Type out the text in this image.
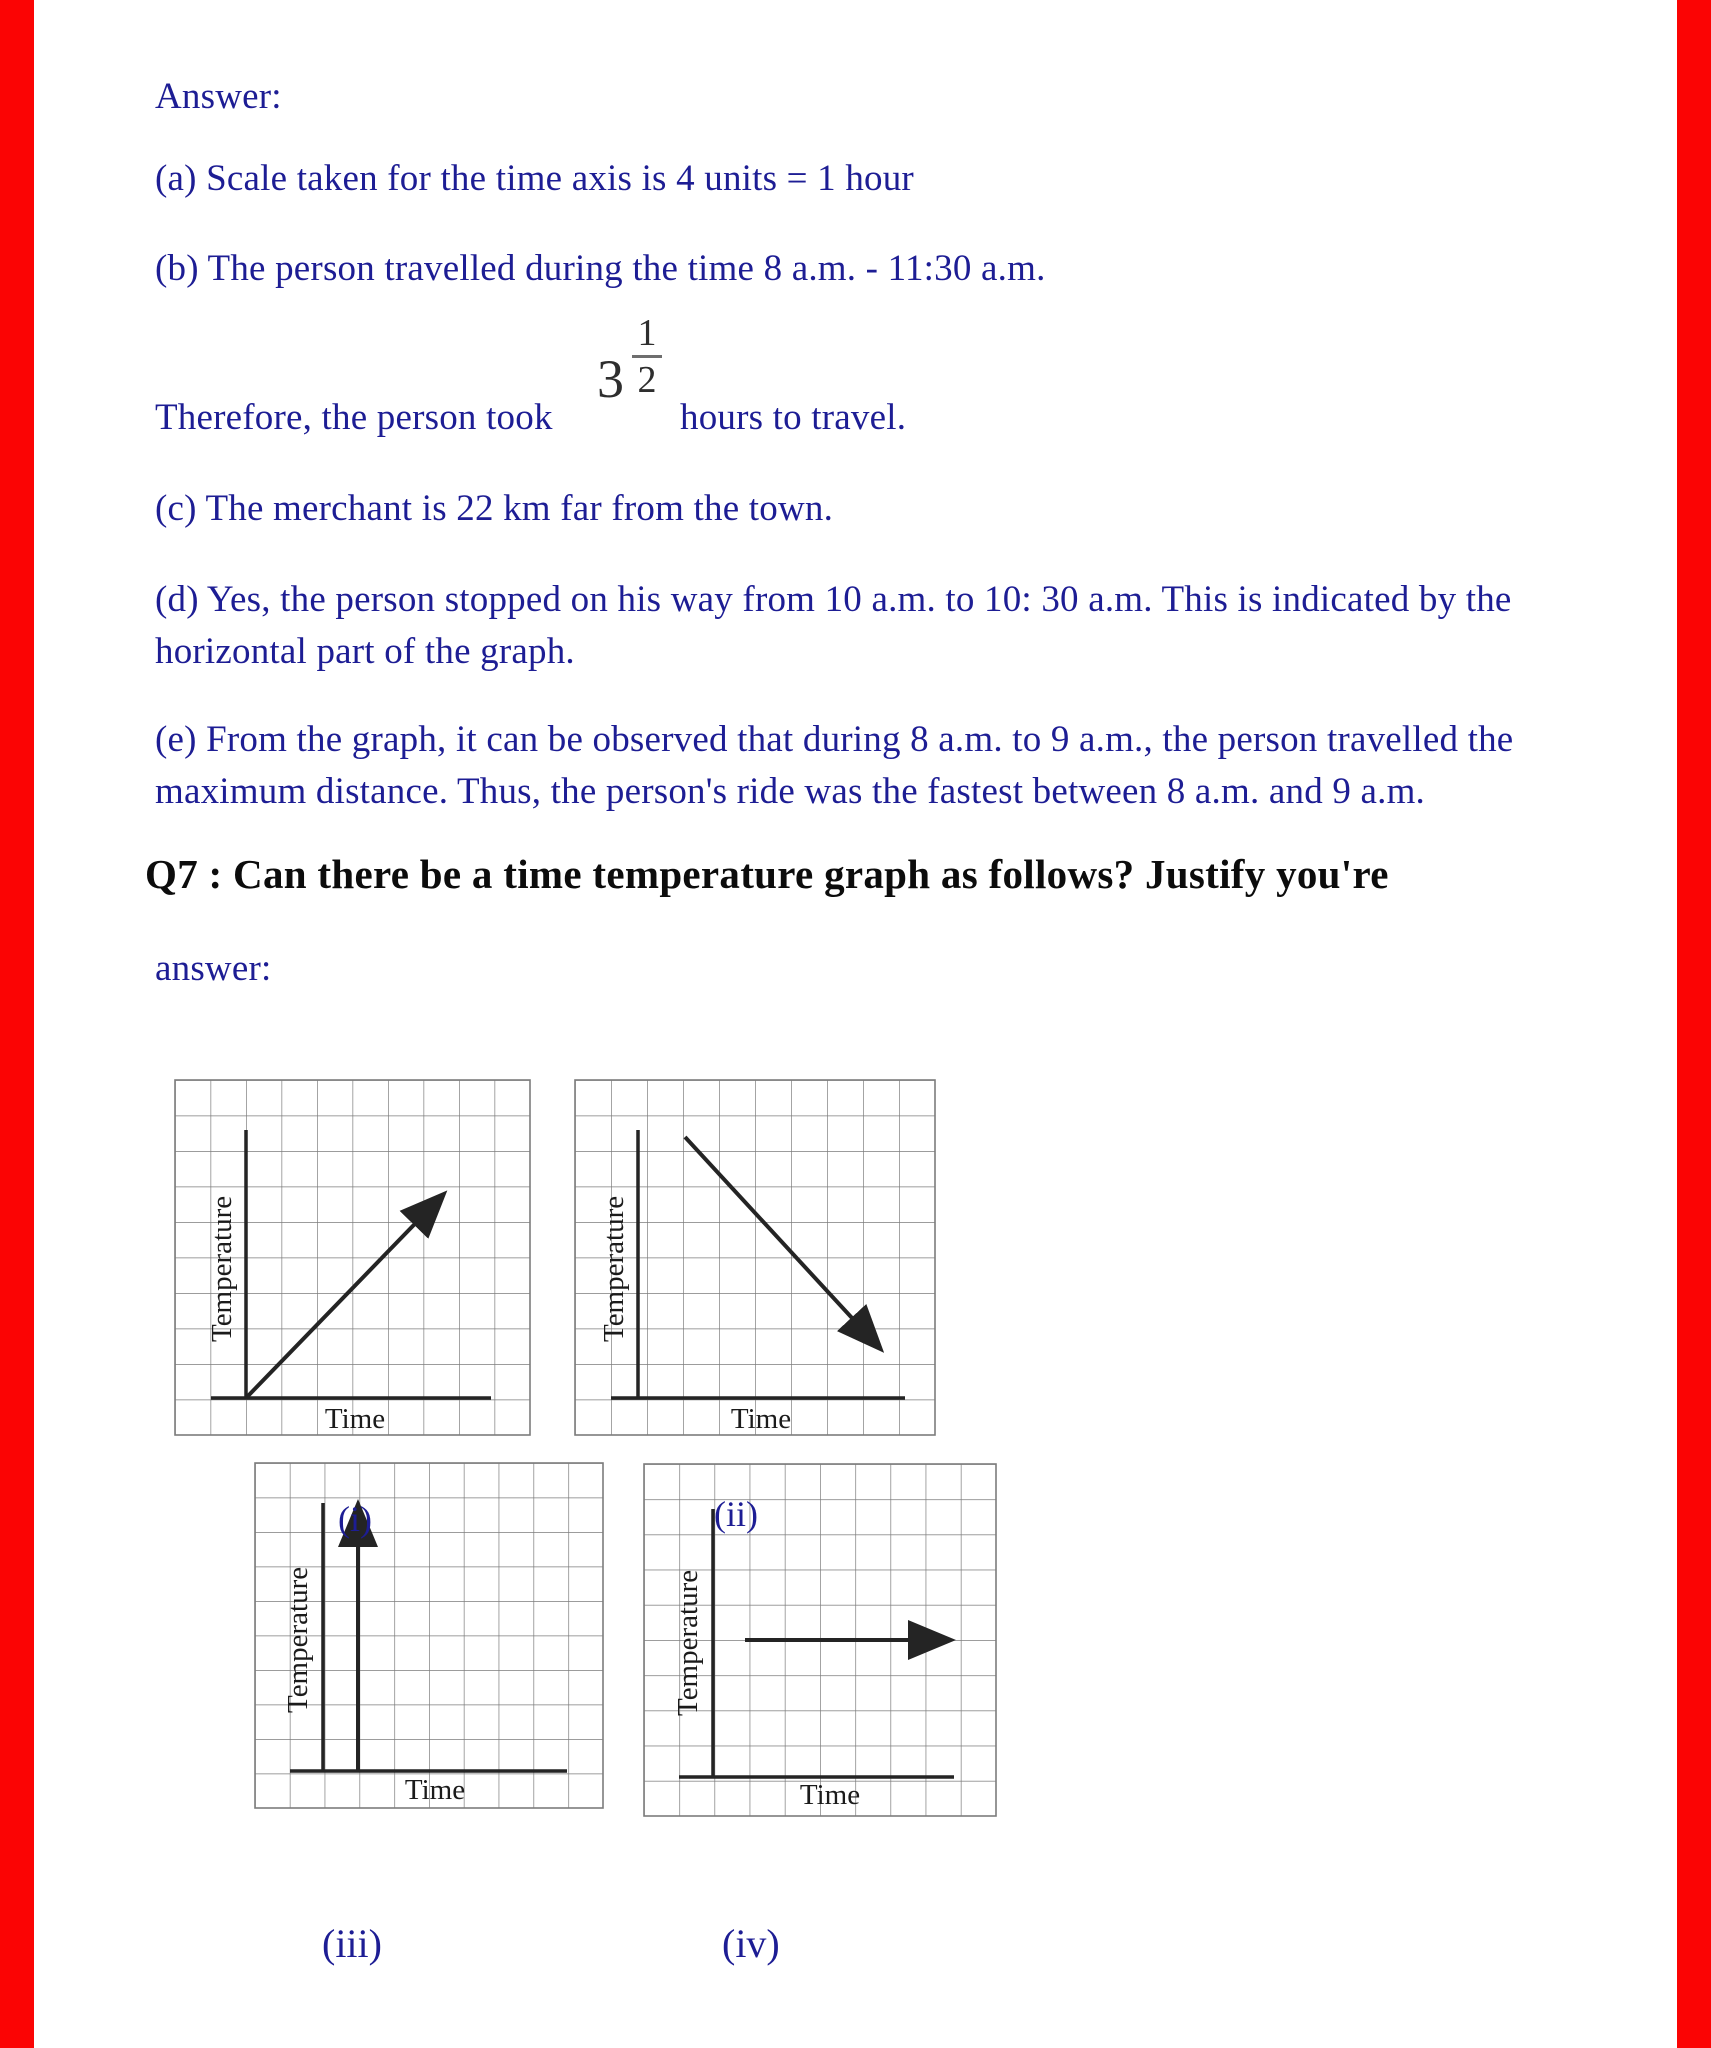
Answer:
(a) Scale taken for the time axis is 4 units = 1 hour
(b) The person travelled during the time 8 a.m. - 11:30 a.m.
3
1
2
Therefore, the person took	hours to travel.
(c) The merchant is 22 km far from the town.
(d) Yes, the person stopped on his way from 10 a.m. to 10: 30 a.m. This is indicated by the
horizontal part of the graph.
(e) From the graph, it can be observed that during 8 a.m. to 9 a.m., the person travelled the
maximum distance. Thus, the person's ride was the fastest between 8 a.m. and 9 a.m.
Q7 : Can there be a time temperature graph as follows? Justify you're
answer:
Temperature
Time
Temperature
Time
(i)
Temperature
Time
(ii)
Temperature
Time
(iii)	(iv)
